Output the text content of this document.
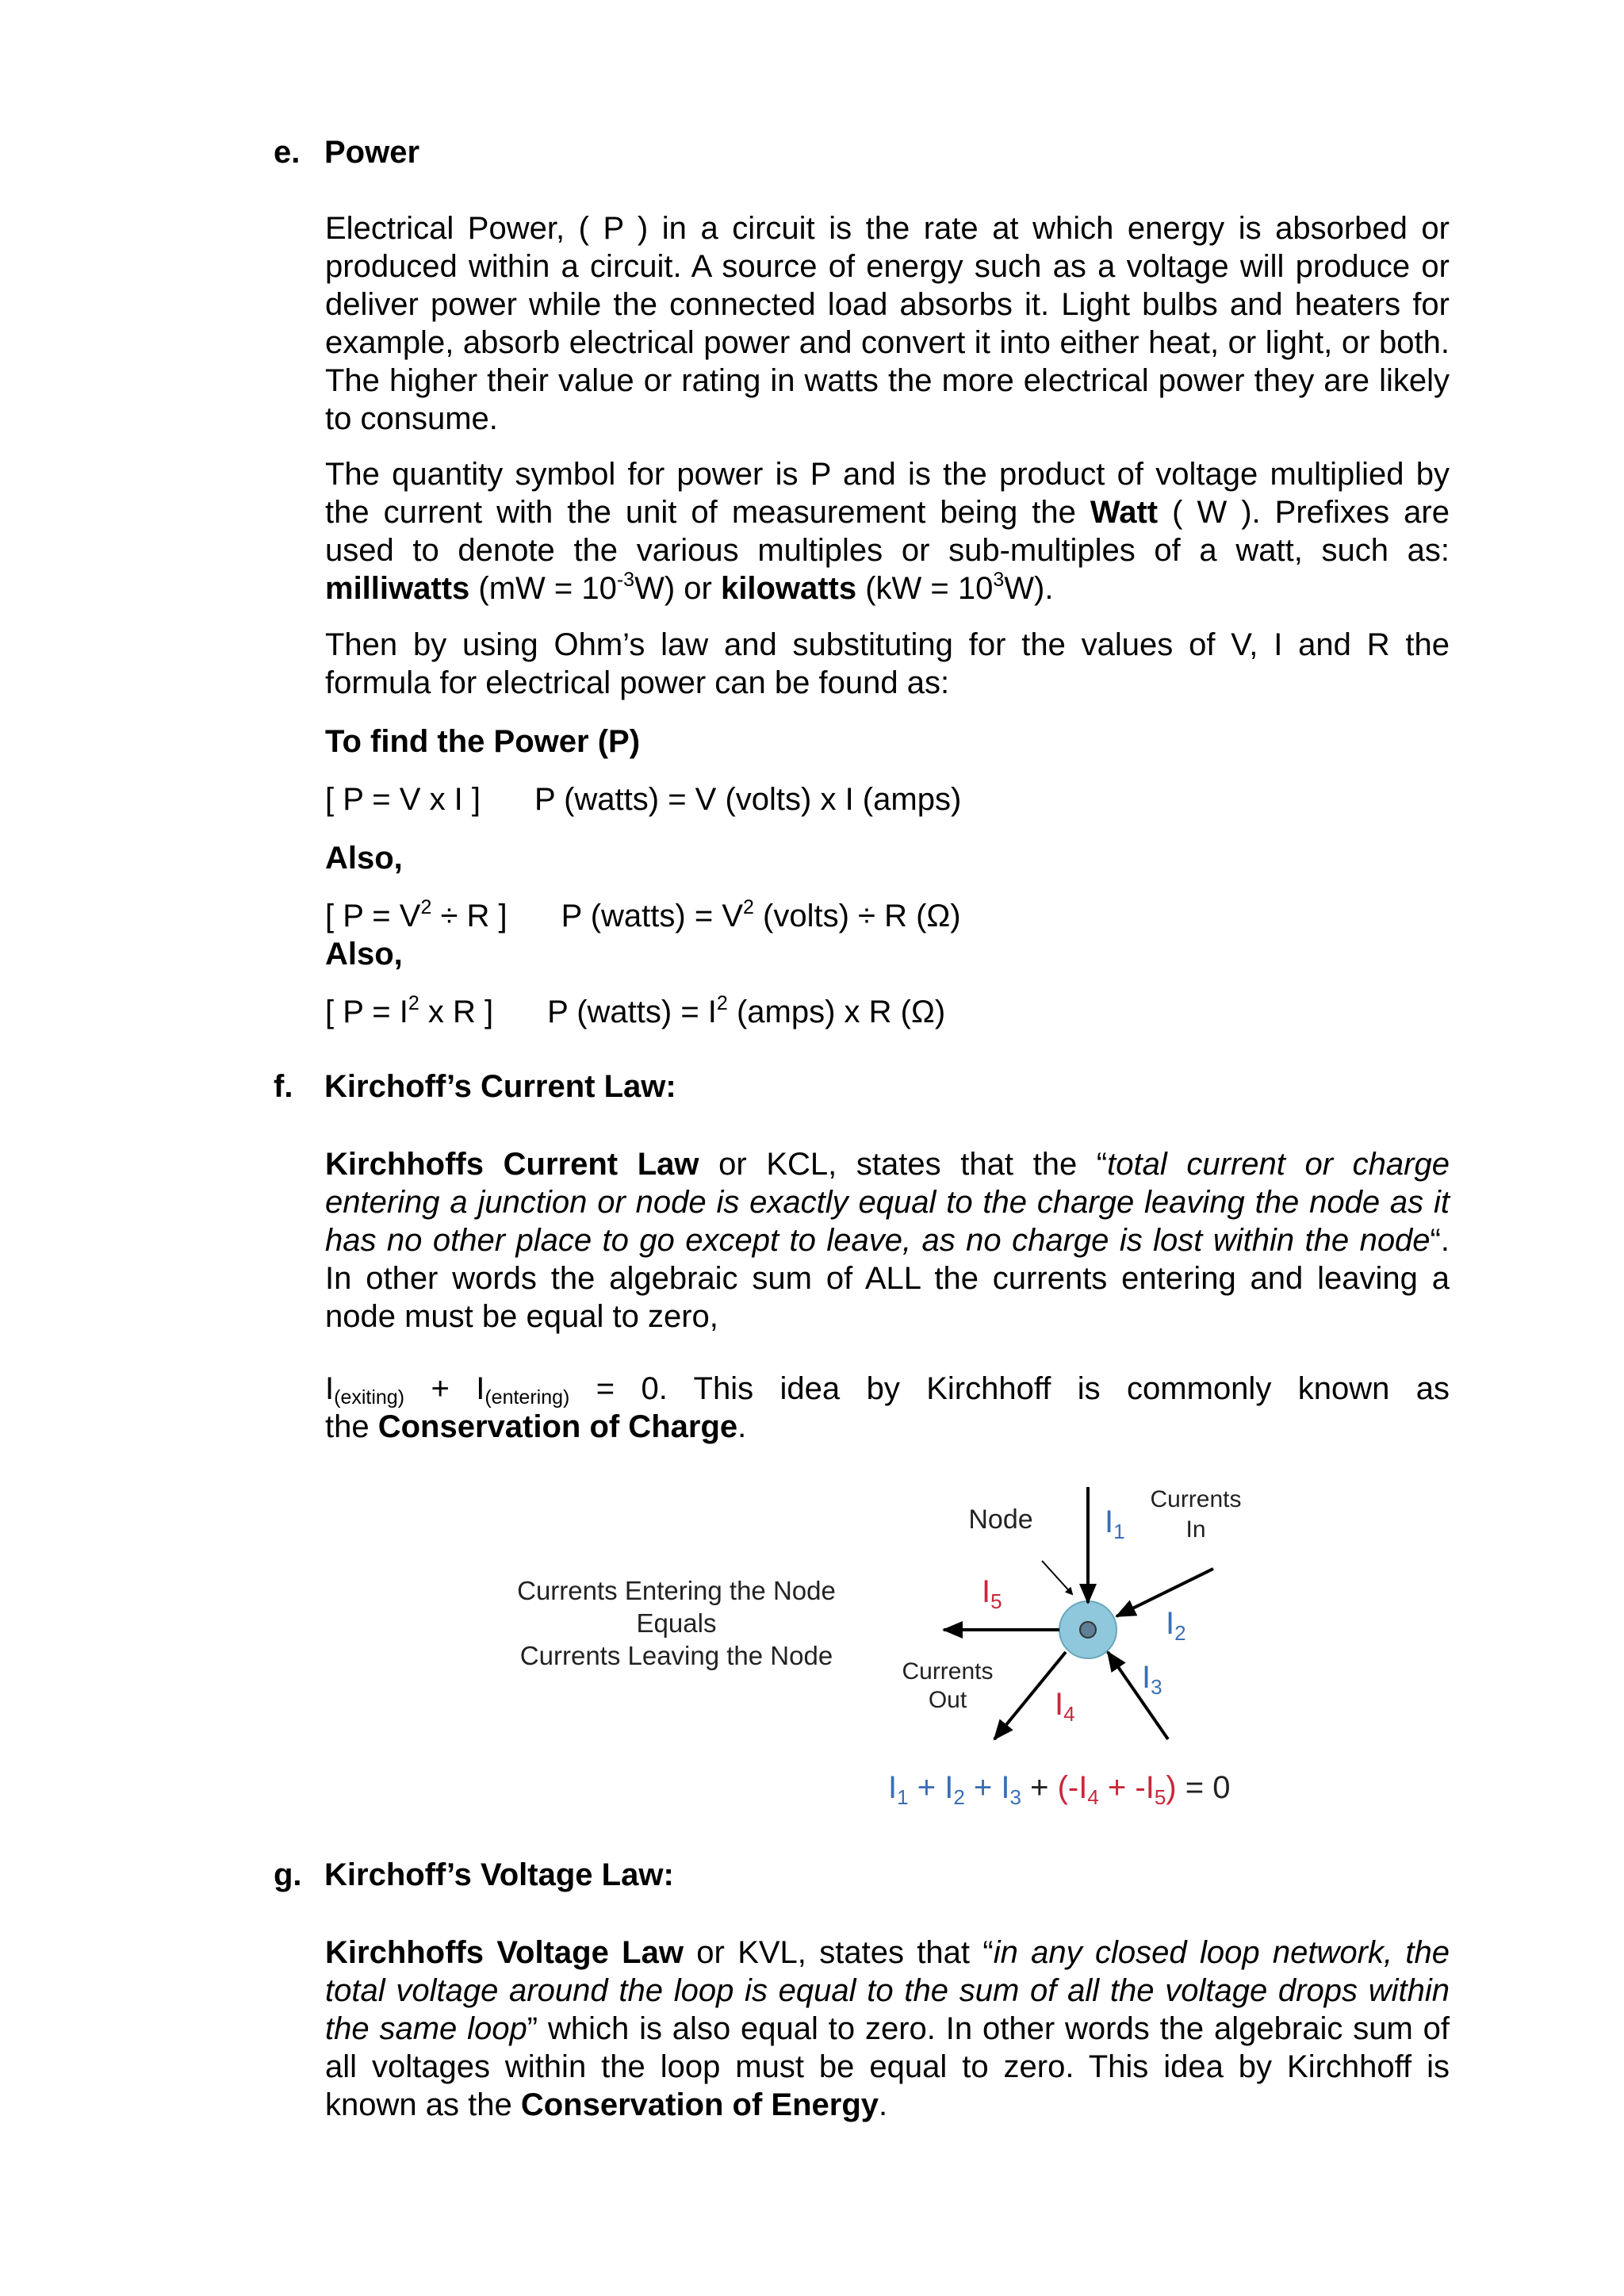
e. Power

Electrical Power, ( P ) in a circuit is the rate at which energy is absorbed or produced within a circuit. A source of energy such as a voltage will produce or deliver power while the connected load absorbs it. Light bulbs and heaters for example, absorb electrical power and convert it into either heat, or light, or both. The higher their value or rating in watts the more electrical power they are likely to consume.

The quantity symbol for power is P and is the product of voltage multiplied by the current with the unit of measurement being the Watt ( W ). Prefixes are used to denote the various multiples or sub-multiples of a watt, such as: milliwatts $(mW = 10^{-3}W)$ or kilowatts $(kW = 10^3W)$.

Then by using Ohm’s law and substituting for the values of V, I and R the formula for electrical power can be found as:

To find the Power (P)

[ P = V x I ] P (watts) = V (volts) x I (amps)

Also,

[ $P = V^2 \div R$ ] P (watts) = $V^2$ (volts) ÷ R (Ω)

Also,

[ $P = I^2$ x R ] P (watts) = $I^2$ (amps) x R (Ω)

f. Kirchoff’s Current Law:

Kirchhoffs Current Law or KCL, states that the “total current or charge entering a junction or node is exactly equal to the charge leaving the node as it has no other place to go except to leave, as no charge is lost within the node“. In other words the algebraic sum of ALL the currents entering and leaving a node must be equal to zero,

$I_{(exiting)} + I_{(entering)} = 0$. This idea by Kirchhoff is commonly known as

the Conservation of Charge.

Currents Entering the Node
Equals
Currents Leaving the Node
Node $I_1$
$I_2$
$I_3$
$I_4$
$I_5$
Currents
In
Currents
Out
$I_1 + I_2 + I_3 + (-I_4 + -I_5) = 0$
g. Kirchoff’s Voltage Law:

Kirchhoffs Voltage Law or KVL, states that “in any closed loop network, the total voltage around the loop is equal to the sum of all the voltage drops within the same loop” which is also equal to zero. In other words the algebraic sum of all voltages within the loop must be equal to zero. This idea by Kirchhoff is known as the Conservation of Energy.
